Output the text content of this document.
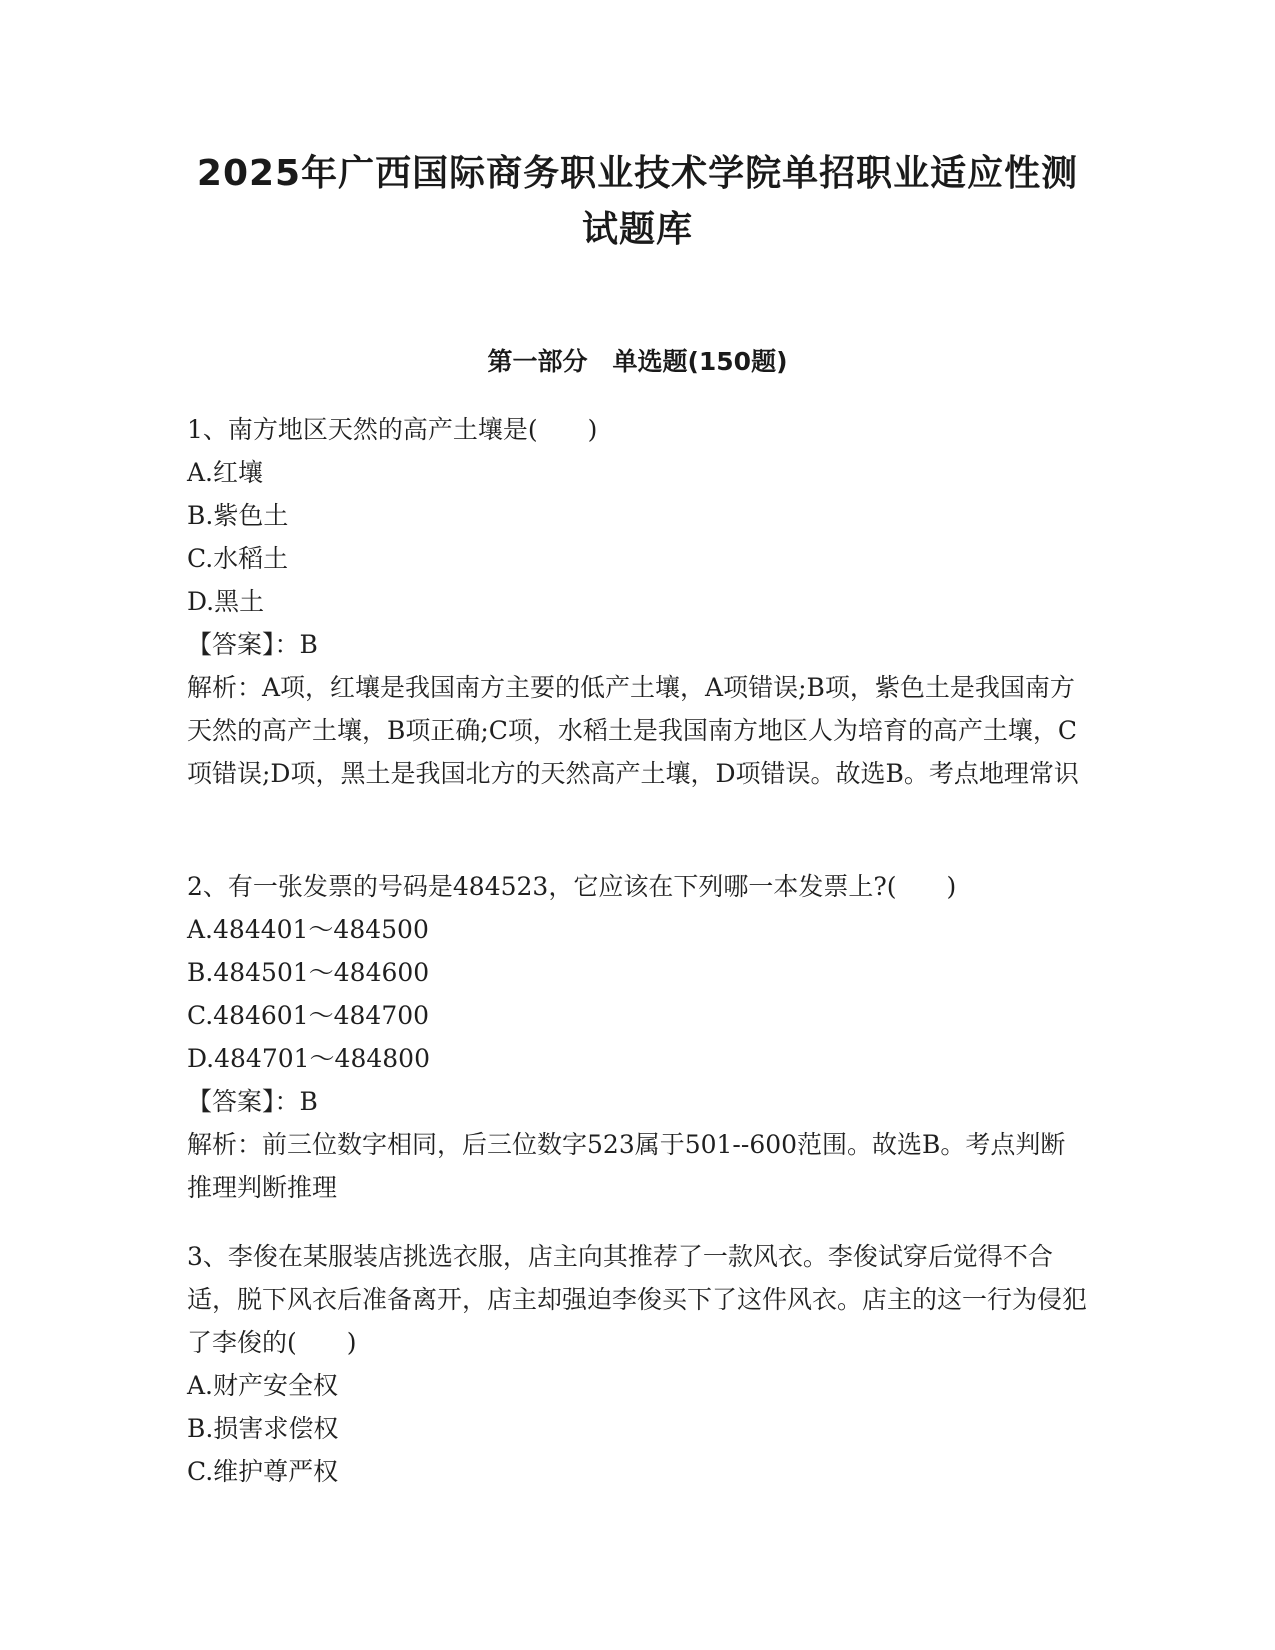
2025年广西国际商务职业技术学院单招职业适应性测
试题库
第一部分　单选题(150题)
1、南方地区天然的高产土壤是(　　)
A.红壤
B.紫色土
C.水稻土
D.黑土
【答案】：B
解析：A项，红壤是我国南方主要的低产土壤，A项错误;B项，紫色土是我国南方天然的高产土壤，B项正确;C项，水稻土是我国南方地区人为培育的高产土壤，C项错误;D项，黑土是我国北方的天然高产土壤，D项错误。故选B。考点地理常识
2、有一张发票的号码是484523，它应该在下列哪一本发票上?(　　)
A.484401～484500
B.484501～484600
C.484601～484700
D.484701～484800
【答案】：B
解析：前三位数字相同，后三位数字523属于501--600范围。故选B。考点判断推理判断推理
3、李俊在某服装店挑选衣服，店主向其推荐了一款风衣。李俊试穿后觉得不合适，脱下风衣后准备离开，店主却强迫李俊买下了这件风衣。店主的这一行为侵犯了李俊的(　　)
A.财产安全权
B.损害求偿权
C.维护尊严权
